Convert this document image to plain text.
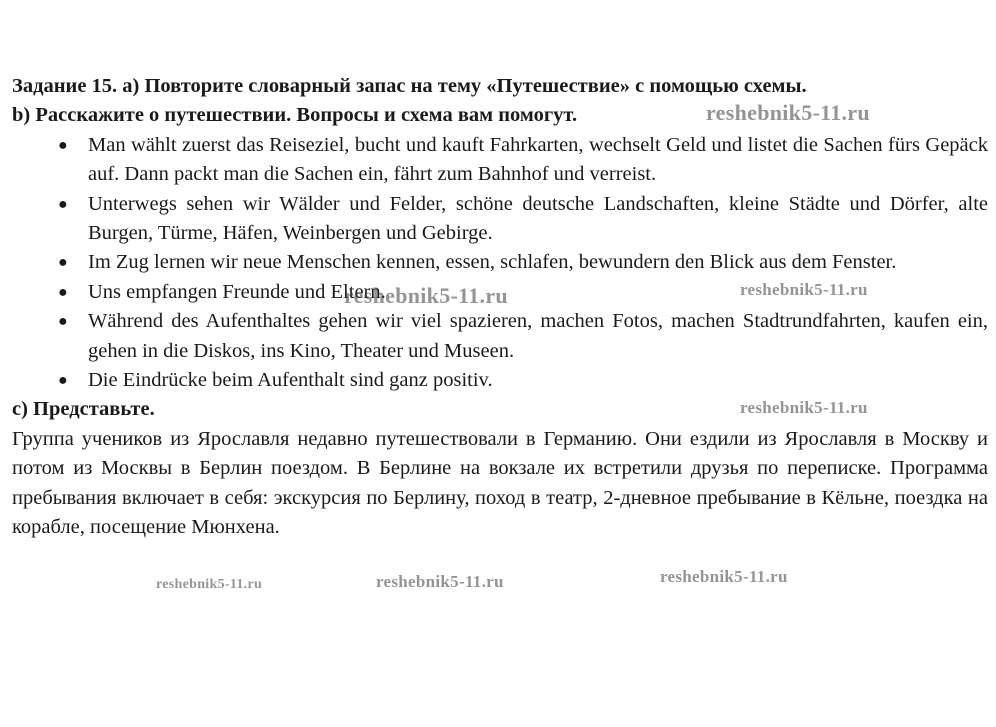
Задание 15. a) Повторите словарный запас на тему «Путешествие» с помощью схемы.
b) Расскажите о путешествии. Вопросы и схема вам помогут.

● Man wählt zuerst das Reiseziel, bucht und kauft Fahrkarten, wechselt Geld und listet die Sachen fürs Gepäck auf. Dann packt man die Sachen ein, fährt zum Bahnhof und verreist.
● Unterwegs sehen wir Wälder und Felder, schöne deutsche Landschaften, kleine Städte und Dörfer, alte Burgen, Türme, Häfen, Weinbergen und Gebirge.
● Im Zug lernen wir neue Menschen kennen, essen, schlafen, bewundern den Blick aus dem Fenster.
● Uns empfangen Freunde und Eltern.
● Während des Aufenthaltes gehen wir viel spazieren, machen Fotos, machen Stadtrundfahrten, kaufen ein, gehen in die Diskos, ins Kino, Theater und Museen.
● Die Eindrücke beim Aufenthalt sind ganz positiv.

c) Представьте.

Группа учеников из Ярославля недавно путешествовали в Германию. Они ездили из Ярославля в Москву и потом из Москвы в Берлин поездом. В Берлине на вокзале их встретили друзья по переписке. Программа пребывания включает в себя: экскурсия по Берлину, поход в театр, 2-дневное пребывание в Кёльне, поездка на корабле, посещение Мюнхена.

reshebnik5-11.ru
reshebnik5-11.ru	reshebnik5-11.ru
reshebnik5-11.ru
reshebnik5-11.ru	reshebnik5-11.ru	reshebnik5-11.ru
